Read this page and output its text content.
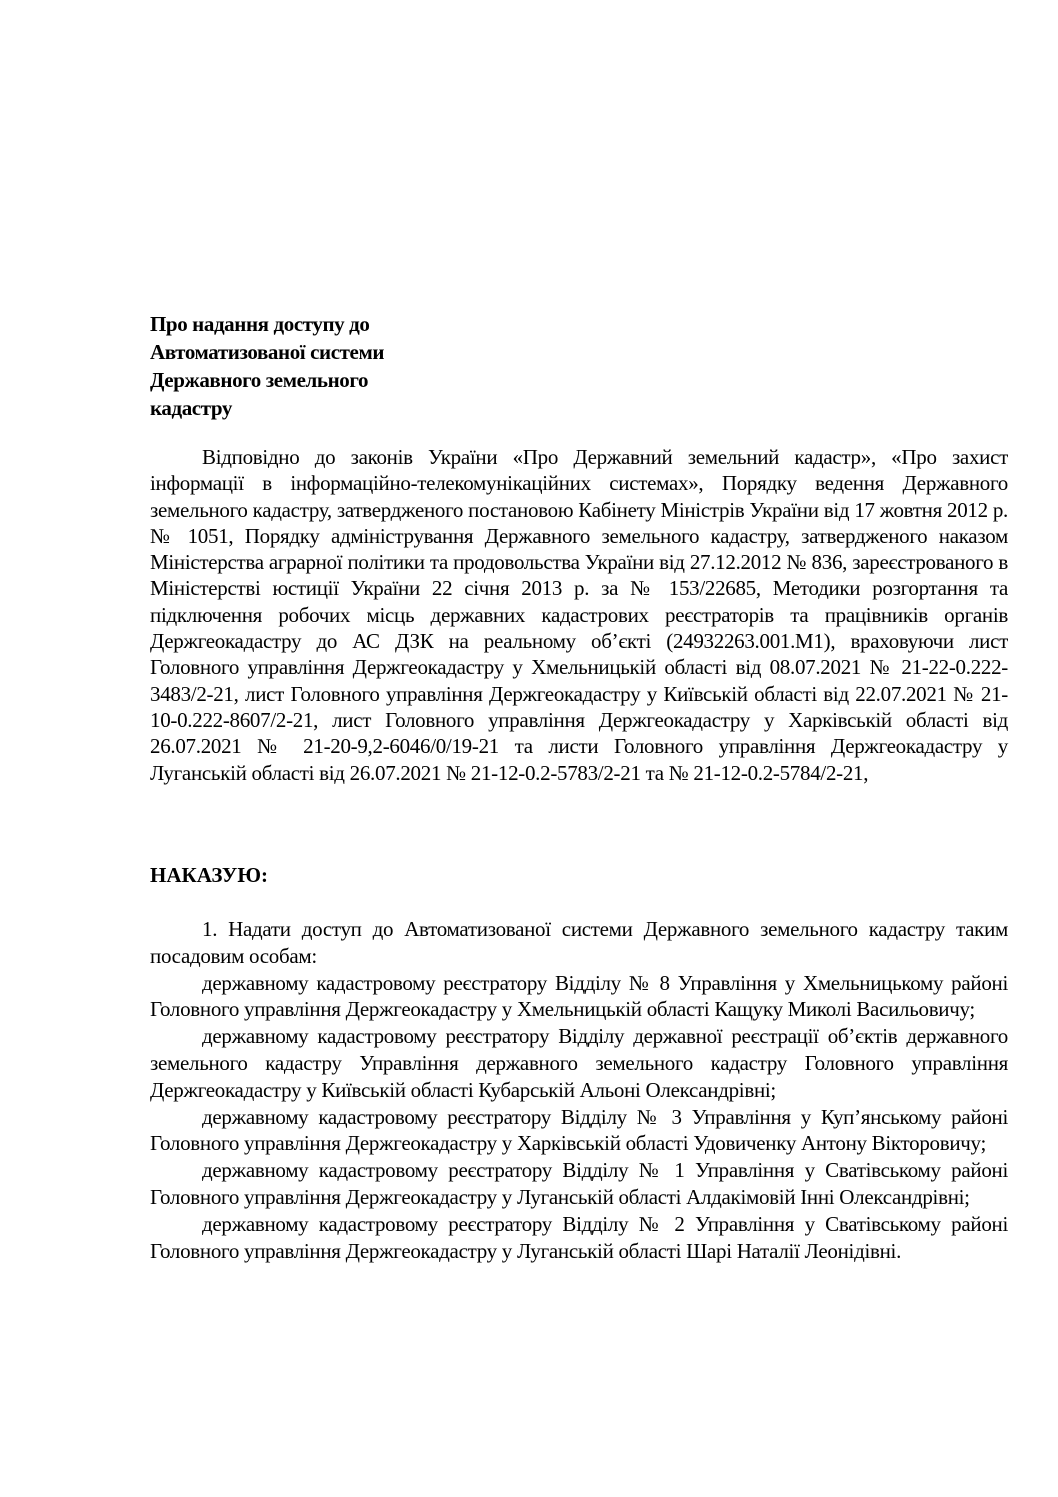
Про надання доступу до
Автоматизованої системи
Державного земельного
кадастру

Відповідно до законів України «Про Державний земельний кадастр», «Про захист інформації в інформаційно-телекомунікаційних системах», Порядку ведення Державного земельного кадастру, затвердженого постановою Кабінету Міністрів України від 17 жовтня 2012 р. № 1051, Порядку адміністрування Державного земельного кадастру, затвердженого наказом Міністерства аграрної політики та продовольства України від 27.12.2012 № 836, зареєстрованого в Міністерстві юстиції України 22 січня 2013 р. за № 153/22685, Методики розгортання та підключення робочих місць державних кадастрових реєстраторів та працівників органів Держгеокадастру до АС ДЗК на реальному об’єкті (24932263.001.М1), враховуючи лист Головного управління Держгеокадастру у Хмельницькій області від 08.07.2021 № 21-22-0.222-3483/2-21, лист Головного управління Держгеокадастру у Київській області від 22.07.2021 № 21-10-0.222-8607/2-21, лист Головного управління Держгеокадастру у Харківській області від 26.07.2021 № 21-20-9,2-6046/0/19-21 та листи Головного управління Держгеокадастру у Луганській області від 26.07.2021 № 21-12-0.2-5783/2-21 та № 21-12-0.2-5784/2-21,

НАКАЗУЮ:

1. Надати доступ до Автоматизованої системи Державного земельного кадастру таким посадовим особам:

державному кадастровому реєстратору Відділу № 8 Управління у Хмельницькому районі Головного управління Держгеокадастру у Хмельницькій області Кащуку Миколі Васильовичу;

державному кадастровому реєстратору Відділу державної реєстрації об’єктів державного земельного кадастру Управління державного земельного кадастру Головного управління Держгеокадастру у Київській області Кубарській Альоні Олександрівні;

державному кадастровому реєстратору Відділу № 3 Управління у Куп’янському районі Головного управління Держгеокадастру у Харківській області Удовиченку Антону Вікторовичу;

державному кадастровому реєстратору Відділу № 1 Управління у Сватівському районі Головного управління Держгеокадастру у Луганській області Алдакімовій Інні Олександрівні;

державному кадастровому реєстратору Відділу № 2 Управління у Сватівському районі Головного управління Держгеокадастру у Луганській області Шарі Наталії Леонідівні.
